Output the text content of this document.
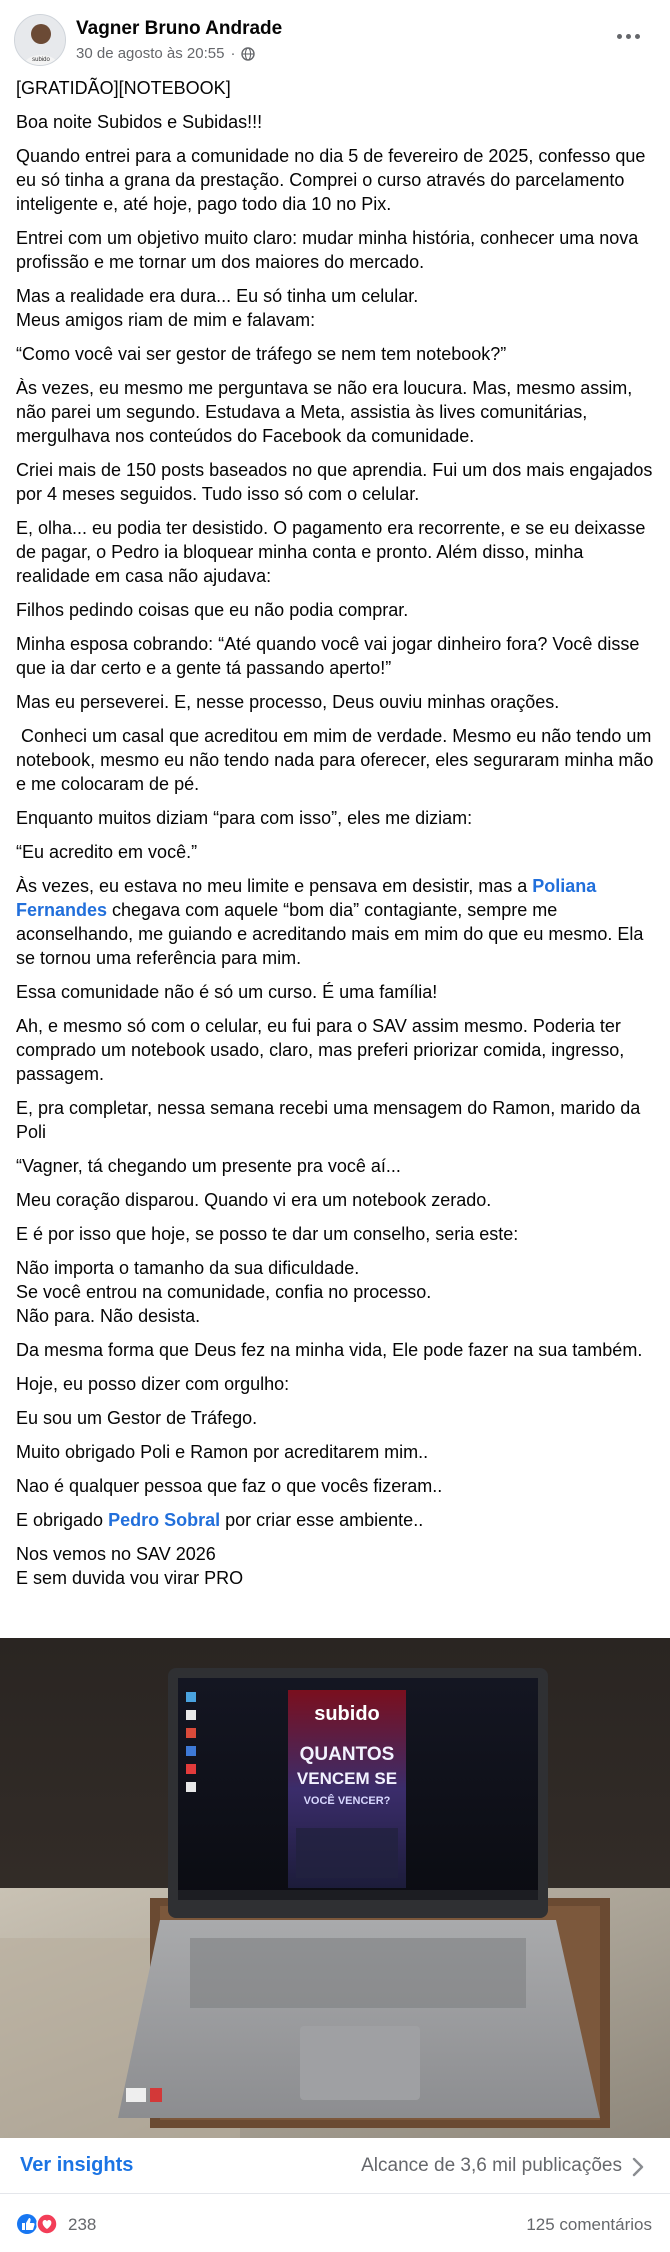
subido
Vagner Bruno Andrade
30 de agosto às 20:55 ·

[GRATIDÃO][NOTEBOOK]

Boa noite Subidos e Subidas!!!

Quando entrei para a comunidade no dia 5 de fevereiro de 2025, confesso que eu só tinha a grana da prestação. Comprei o curso através do parcelamento inteligente e, até hoje, pago todo dia 10 no Pix.

Entrei com um objetivo muito claro: mudar minha história, conhecer uma nova profissão e me tornar um dos maiores do mercado.

Mas a realidade era dura... Eu só tinha um celular.
Meus amigos riam de mim e falavam:

“Como você vai ser gestor de tráfego se nem tem notebook?”

Às vezes, eu mesmo me perguntava se não era loucura. Mas, mesmo assim, não parei um segundo. Estudava a Meta, assistia às lives comunitárias, mergulhava nos conteúdos do Facebook da comunidade.

Criei mais de 150 posts baseados no que aprendia. Fui um dos mais engajados por 4 meses seguidos. Tudo isso só com o celular.

E, olha... eu podia ter desistido. O pagamento era recorrente, e se eu deixasse de pagar, o Pedro ia bloquear minha conta e pronto. Além disso, minha realidade em casa não ajudava:

Filhos pedindo coisas que eu não podia comprar.

Minha esposa cobrando: “Até quando você vai jogar dinheiro fora? Você disse que ia dar certo e a gente tá passando aperto!”

Mas eu perseverei. E, nesse processo, Deus ouviu minhas orações.

Conheci um casal que acreditou em mim de verdade. Mesmo eu não tendo um notebook, mesmo eu não tendo nada para oferecer, eles seguraram minha mão e me colocaram de pé.

Enquanto muitos diziam “para com isso”, eles me diziam:

“Eu acredito em você.”

Às vezes, eu estava no meu limite e pensava em desistir, mas a Poliana Fernandes chegava com aquele “bom dia” contagiante, sempre me aconselhando, me guiando e acreditando mais em mim do que eu mesmo. Ela se tornou uma referência para mim.

Essa comunidade não é só um curso. É uma família!

Ah, e mesmo só com o celular, eu fui para o SAV assim mesmo. Poderia ter comprado um notebook usado, claro, mas preferi priorizar comida, ingresso, passagem.

E, pra completar, nessa semana recebi uma mensagem do Ramon, marido da Poli

“Vagner, tá chegando um presente pra você aí...

Meu coração disparou. Quando vi era um notebook zerado.

E é por isso que hoje, se posso te dar um conselho, seria este:

Não importa o tamanho da sua dificuldade.
Se você entrou na comunidade, confia no processo.
Não para. Não desista.

Da mesma forma que Deus fez na minha vida, Ele pode fazer na sua também.

Hoje, eu posso dizer com orgulho:

Eu sou um Gestor de Tráfego.

Muito obrigado Poli e Ramon por acreditarem mim..

Nao é qualquer pessoa que faz o que vocês fizeram..

E obrigado Pedro Sobral por criar esse ambiente..

Nos vemos no SAV 2026
E sem duvida vou virar PRO

subido
QUANTOS
VENCEM SE
VOCÊ VENCER?
Ver insights	Alcance de 3,6 mil publicações
238	125 comentários
